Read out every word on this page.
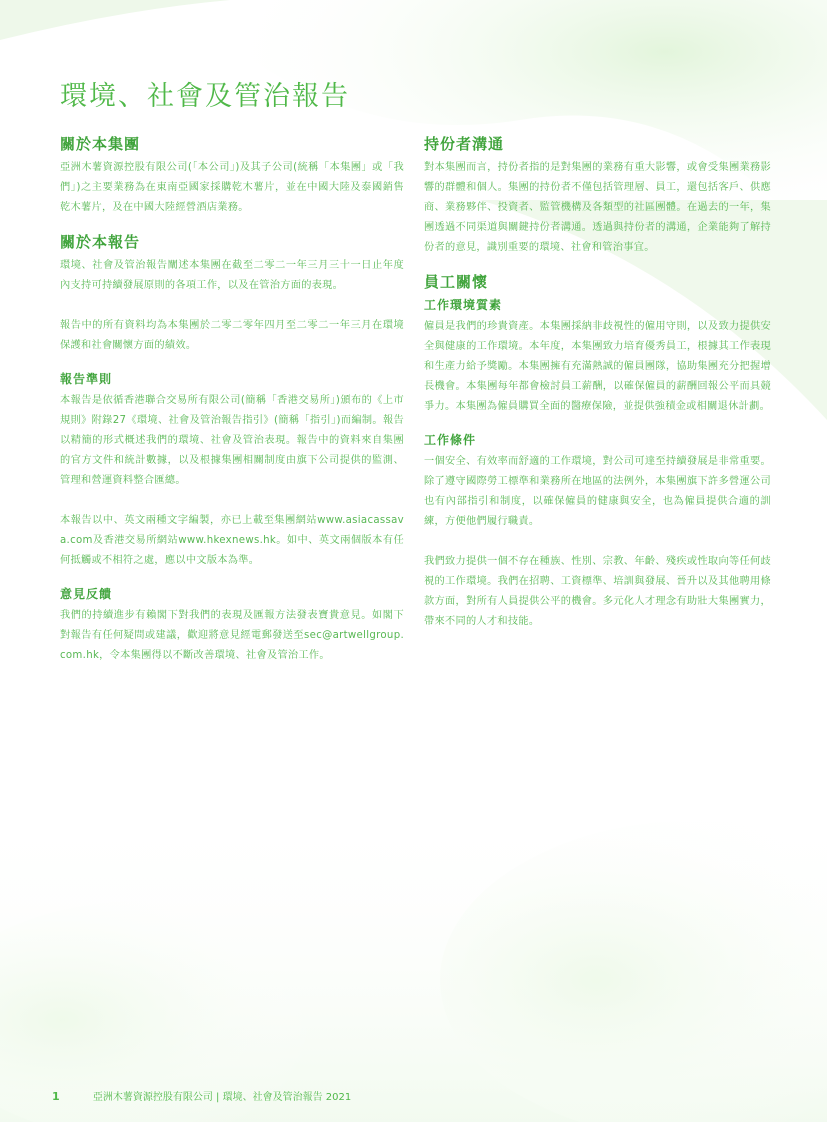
環境、社會及管治報告
關於本集團

亞洲木薯資源控股有限公司(「本公司」)及其子公司(統稱「本集團」或「我們」)之主要業務為在東南亞國家採購乾木薯片，並在中國大陸及泰國銷售乾木薯片，及在中國大陸經營酒店業務。

關於本報告

環境、社會及管治報告闡述本集團在截至二零二一年三月三十一日止年度內支持可持續發展原則的各項工作，以及在管治方面的表現。

報告中的所有資料均為本集團於二零二零年四月至二零二一年三月在環境保護和社會關懷方面的績效。

報告準則

本報告是依循香港聯合交易所有限公司(簡稱「香港交易所」)頒布的《上市規則》附錄27《環境、社會及管治報告指引》(簡稱「指引」)而編制。報告以精簡的形式概述我們的環境、社會及管治表現。報告中的資料來自集團的官方文件和統計數據，以及根據集團相關制度由旗下公司提供的監測、管理和營運資料整合匯總。

本報告以中、英文兩種文字編製，亦已上載至集團網站www.asiacassava.com及香港交易所網站www.hkexnews.hk。如中、英文兩個版本有任何抵觸或不相符之處，應以中文版本為準。

意見反饋

我們的持續進步有賴閣下對我們的表現及匯報方法發表寶貴意見。如閣下對報告有任何疑問或建議，歡迎將意見經電郵發送至sec@artwellgroup.com.hk，令本集團得以不斷改善環境、社會及管治工作。

持份者溝通

對本集團而言，持份者指的是對集團的業務有重大影響，或會受集團業務影響的群體和個人。集團的持份者不僅包括管理層、員工，還包括客戶、供應商、業務夥伴、投資者、監管機構及各類型的社區團體。在過去的一年，集團透過不同渠道與關鍵持份者溝通。透過與持份者的溝通，企業能夠了解持份者的意見，識別重要的環境、社會和管治事宜。

員工關懷
工作環境質素

僱員是我們的珍貴資產。本集團採納非歧視性的僱用守則，以及致力提供安全與健康的工作環境。本年度，本集團致力培育優秀員工，根據其工作表現和生產力給予獎勵。本集團擁有充滿熱誠的僱員團隊，協助集團充分把握增長機會。本集團每年都會檢討員工薪酬，以確保僱員的薪酬回報公平而具競爭力。本集團為僱員購買全面的醫療保險，並提供強積金或相關退休計劃。

工作條件

一個安全、有效率而舒適的工作環境，對公司可達至持續發展是非常重要。除了遵守國際勞工標準和業務所在地區的法例外，本集團旗下許多營運公司也有內部指引和制度，以確保僱員的健康與安全，也為僱員提供合適的訓練，方便他們履行職責。

我們致力提供一個不存在種族、性別、宗教、年齡、殘疾或性取向等任何歧視的工作環境。我們在招聘、工資標準、培訓與發展、晉升以及其他聘用條款方面，對所有人員提供公平的機會。多元化人才理念有助壯大集團實力，帶來不同的人才和技能。

1	亞洲木薯資源控股有限公司 | 環境、社會及管治報告 2021
